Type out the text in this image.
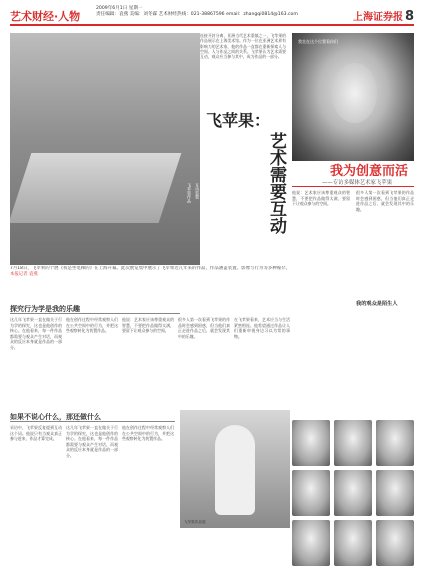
艺术财经·人物
2009年6月1日 星期一
责任编辑：袁燕 美编：刘冬霖 艺术财经热线：021-38867596 email：zhangqi0814@163.com	上海证券报 8
飞苹果作品 互动装置
连接开封分离，亚洲当代艺术重镇之一，飞苹果的作品展示在上海美术馆。作为一位在亚洲艺术界有影响力的艺术家，他的作品一直都在重新探索人与空间、人与作品之间的关系。飞苹果认为艺术需要互动，观众应当参与其中，成为作品的一部分。
飞苹果：
艺术需要互动
我坐在这个位置看你们
我为创意而活
——专访多媒体艺术家飞苹果
7月18日，飞苹果的个展《我是坐电梯的》在上海开幕。此次展览集中展示了飞苹果近几年来的作品，作品涵盖装置、影像与行为等多种媒介。 本报记者 袁燕
探究行为学是我的乐趣
这几年飞苹果一直在做关于行为学的探究，这也是他创作的核心。在他看来，每一件作品都需要与观众产生对话，而观众的反应本身就是作品的一部分。
他在创作过程中经常观察人们在公共空间中的行为，并把这些观察转化为装置作品。
他说：艺术家应该尊重观众的智慧，不要把作品做得太满，要留下让观众参与的空间。
很多人第一次看到飞苹果的作品时会感到困惑，但当他们真正走进作品之后，就会发现其中的乐趣。
在飞苹果看来，艺术应当与生活紧密相连。他希望通过作品让人们重新审视身边习以为常的事物。
如果不说心什么，那还做什么
采访中，飞苹果反复提到互动这个词。他说只有当观众真正参与进来，作品才算完成。
这几年飞苹果一直在做关于行为学的探究，这也是他创作的核心。在他看来，每一件作品都需要与观众产生对话，而观众的反应本身就是作品的一部分。
他在创作过程中经常观察人们在公共空间中的行为，并把这些观察转化为装置作品。
飞苹果作品展
他说：艺术家应该尊重观众的智慧，不要把作品做得太满，要留下让观众参与的空间。
很多人第一次看到飞苹果的作品时会感到困惑，但当他们真正走进作品之后，就会发现其中的乐趣。
我的观众是陌生人
